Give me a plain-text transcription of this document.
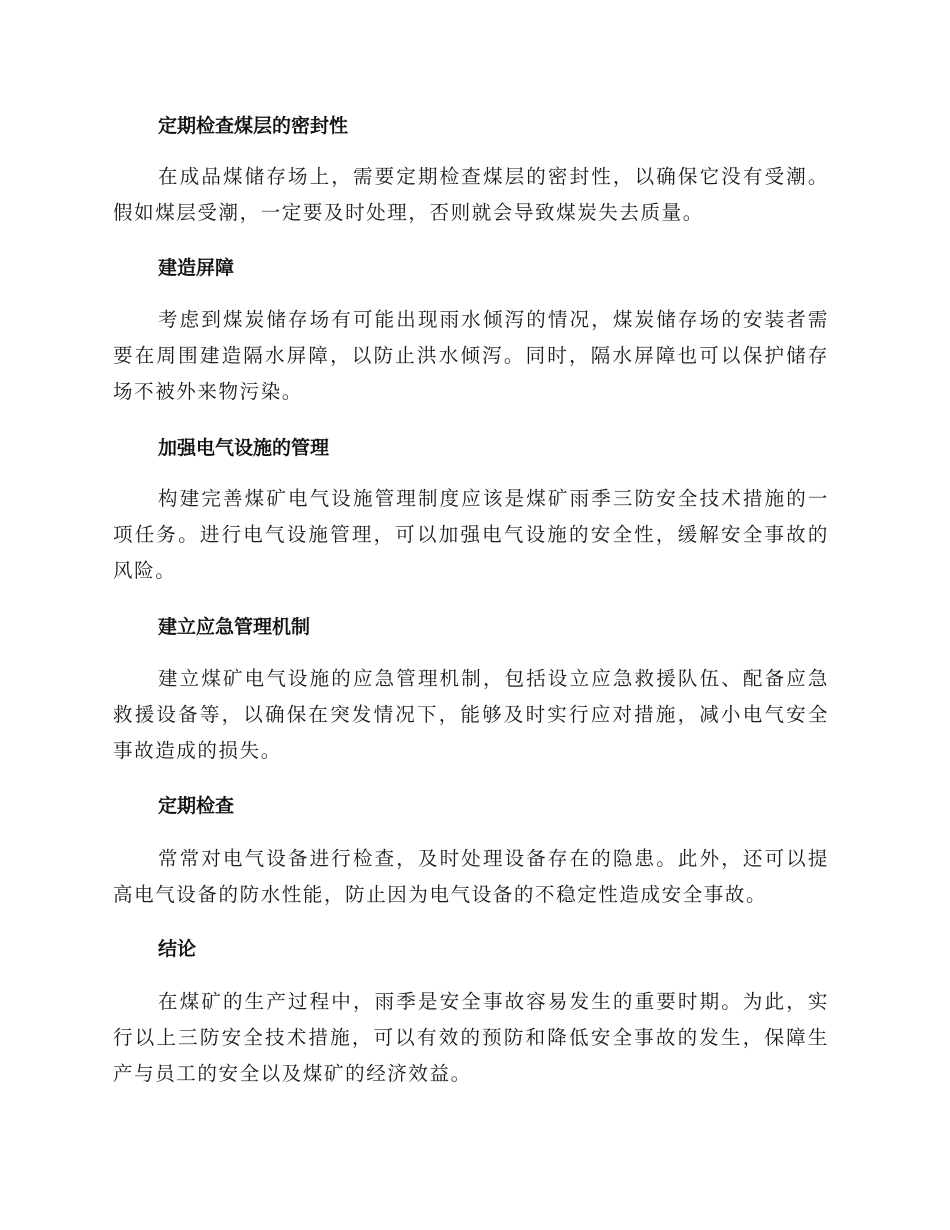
定期检查煤层的密封性
在成品煤储存场上，需要定期检查煤层的密封性，以确保它没有受潮。假如煤层受潮，一定要及时处理，否则就会导致煤炭失去质量。
建造屏障
考虑到煤炭储存场有可能出现雨水倾泻的情况，煤炭储存场的安装者需要在周围建造隔水屏障，以防止洪水倾泻。同时，隔水屏障也可以保护储存场不被外来物污染。
加强电气设施的管理
构建完善煤矿电气设施管理制度应该是煤矿雨季三防安全技术措施的一项任务。进行电气设施管理，可以加强电气设施的安全性，缓解安全事故的风险。
建立应急管理机制
建立煤矿电气设施的应急管理机制，包括设立应急救援队伍、配备应急救援设备等，以确保在突发情况下，能够及时实行应对措施，减小电气安全事故造成的损失。
定期检查
常常对电气设备进行检查，及时处理设备存在的隐患。此外，还可以提高电气设备的防水性能，防止因为电气设备的不稳定性造成安全事故。
结论
在煤矿的生产过程中，雨季是安全事故容易发生的重要时期。为此，实行以上三防安全技术措施，可以有效的预防和降低安全事故的发生，保障生产与员工的安全以及煤矿的经济效益。
